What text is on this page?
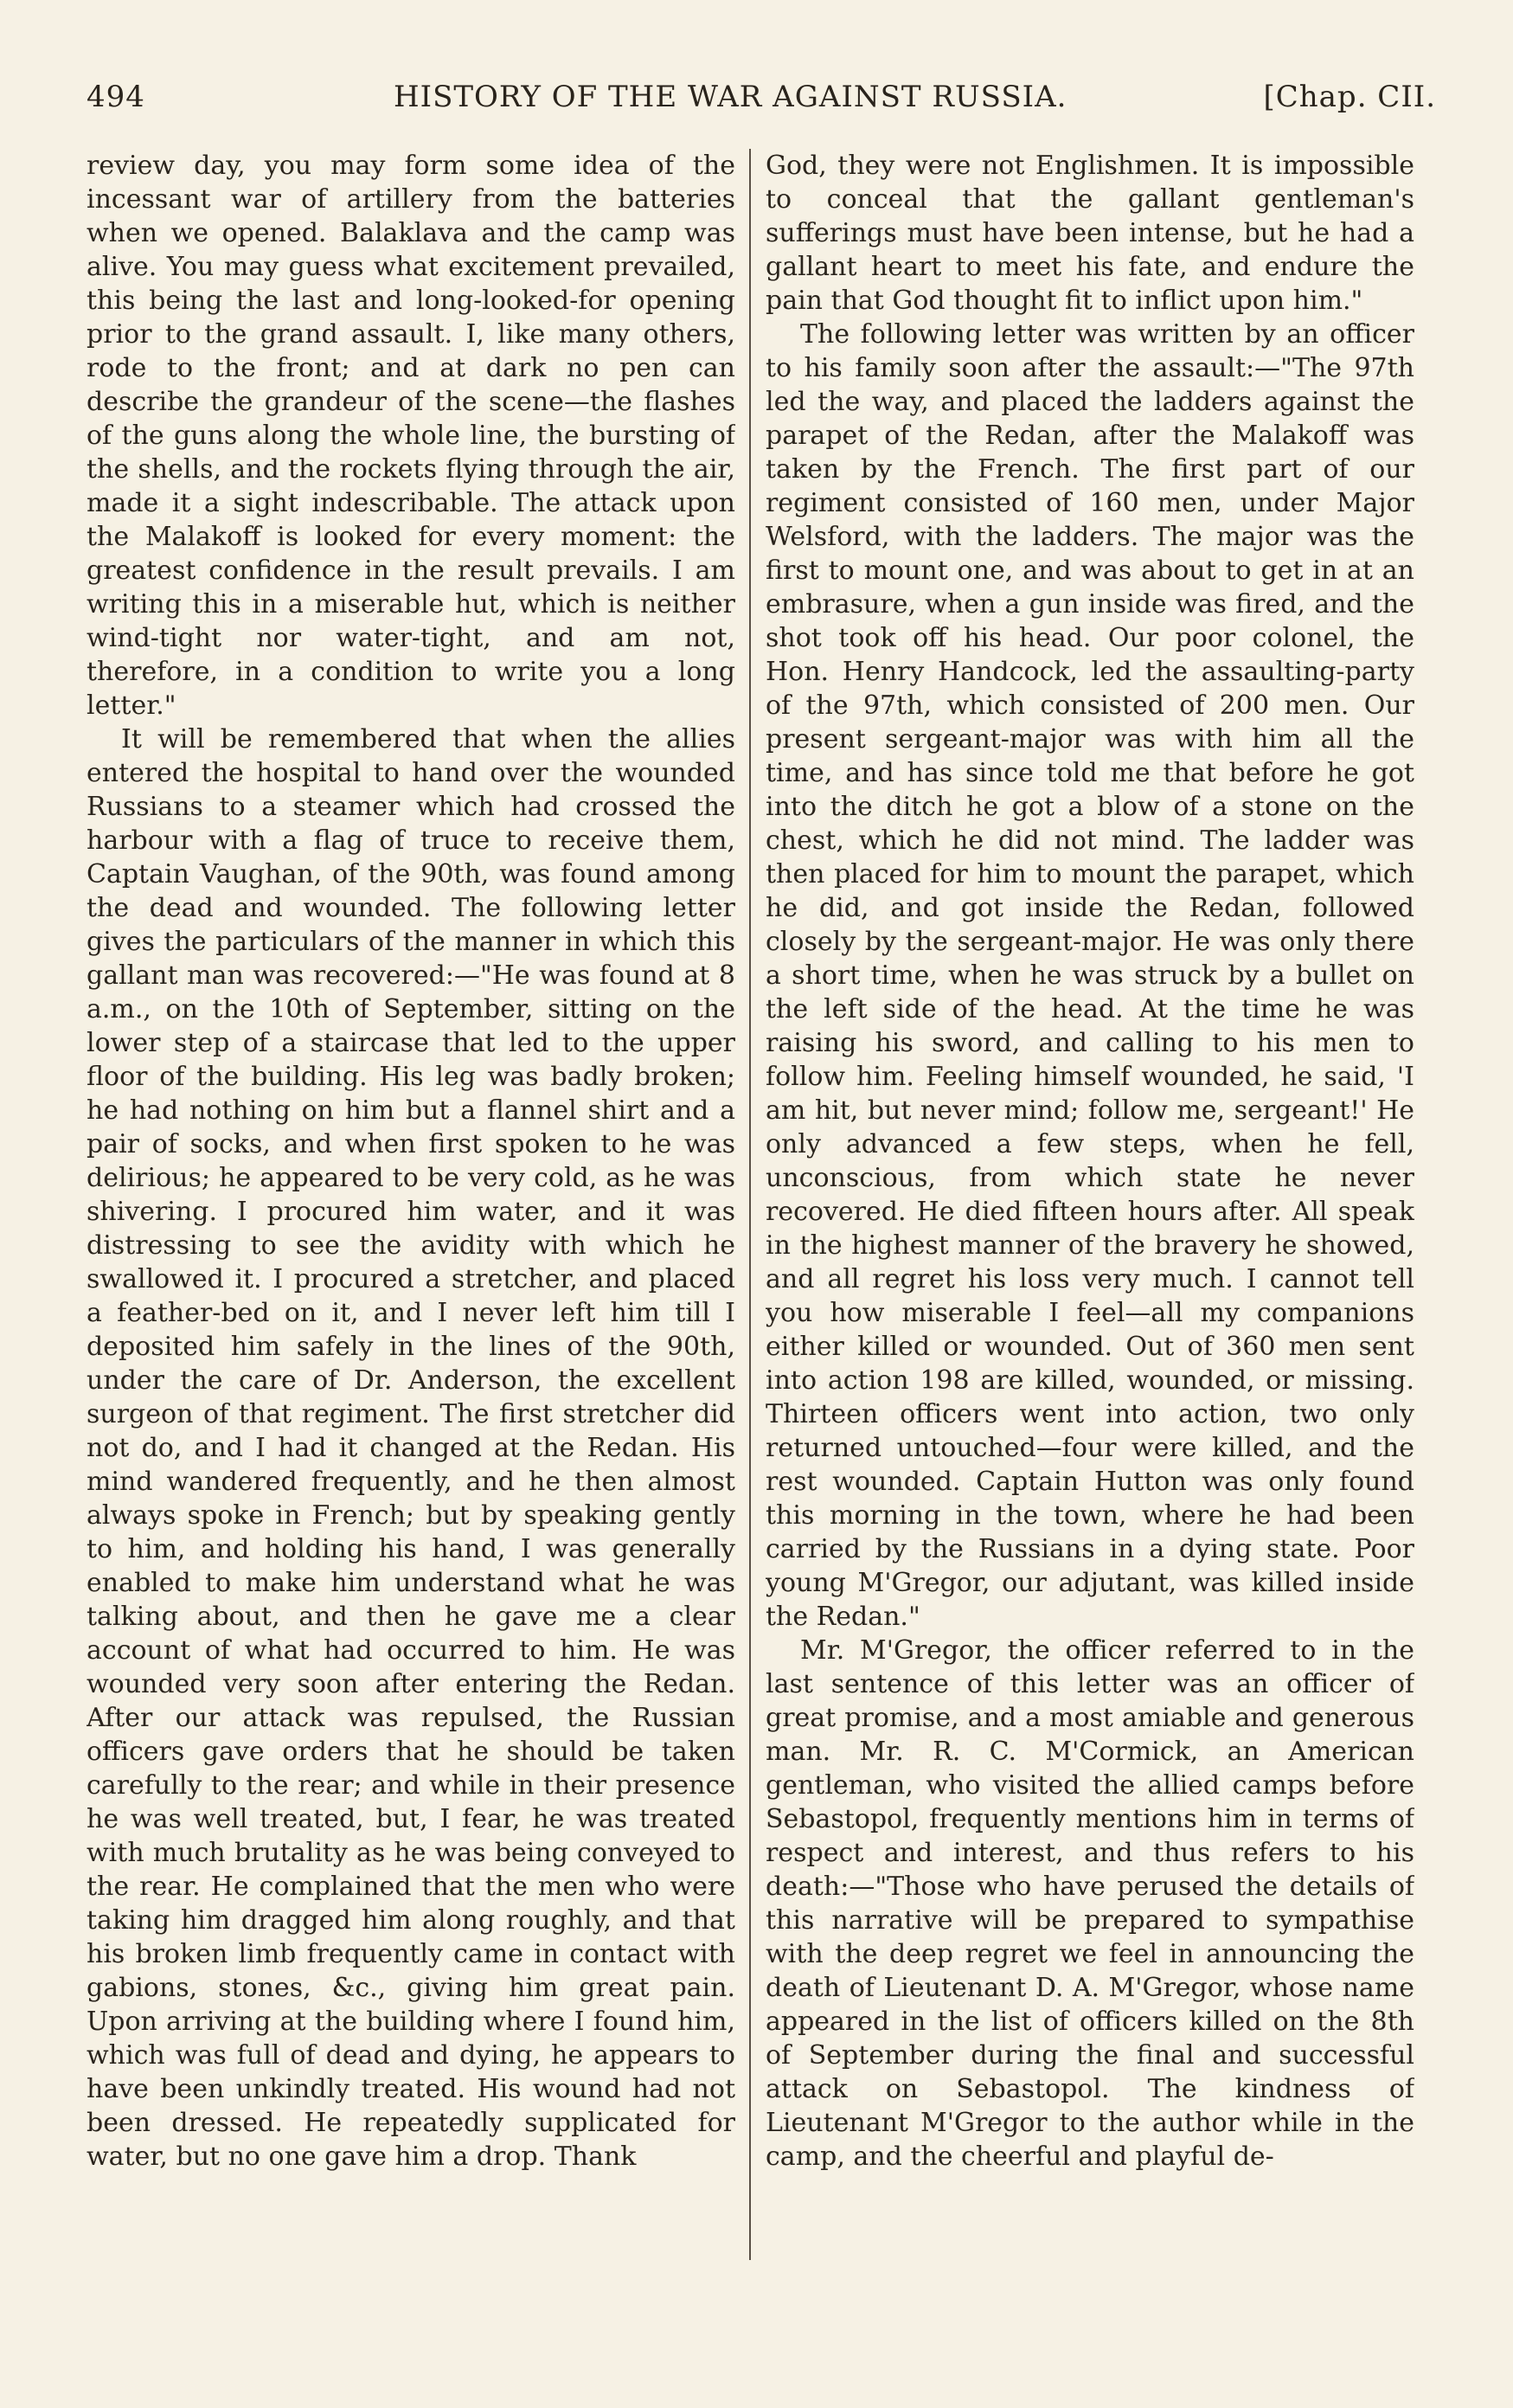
494	HISTORY OF THE WAR AGAINST RUSSIA.	[Chap. CII.

review day, you may form some idea of the incessant war of artillery from the batteries when we opened. Balaklava and the camp was alive. You may guess what excitement prevailed, this being the last and long-looked-for opening prior to the grand assault. I, like many others, rode to the front; and at dark no pen can describe the grandeur of the scene—the flashes of the guns along the whole line, the bursting of the shells, and the rockets flying through the air, made it a sight indescribable. The attack upon the Malakoff is looked for every moment: the greatest confidence in the result prevails. I am writing this in a miserable hut, which is neither wind-tight nor water-tight, and am not, therefore, in a condition to write you a long letter."

It will be remembered that when the allies entered the hospital to hand over the wounded Russians to a steamer which had crossed the harbour with a flag of truce to receive them, Captain Vaughan, of the 90th, was found among the dead and wounded. The following letter gives the particulars of the manner in which this gallant man was recovered:—"He was found at 8 a.m., on the 10th of September, sitting on the lower step of a staircase that led to the upper floor of the building. His leg was badly broken; he had nothing on him but a flannel shirt and a pair of socks, and when first spoken to he was delirious; he appeared to be very cold, as he was shivering. I procured him water, and it was distressing to see the avidity with which he swallowed it. I procured a stretcher, and placed a feather-bed on it, and I never left him till I deposited him safely in the lines of the 90th, under the care of Dr. Anderson, the excellent surgeon of that regiment. The first stretcher did not do, and I had it changed at the Redan. His mind wandered frequently, and he then almost always spoke in French; but by speaking gently to him, and holding his hand, I was generally enabled to make him understand what he was talking about, and then he gave me a clear account of what had occurred to him. He was wounded very soon after entering the Redan. After our attack was repulsed, the Russian officers gave orders that he should be taken carefully to the rear; and while in their presence he was well treated, but, I fear, he was treated with much brutality as he was being conveyed to the rear. He complained that the men who were taking him dragged him along roughly, and that his broken limb frequently came in contact with gabions, stones, &c., giving him great pain. Upon arriving at the building where I found him, which was full of dead and dying, he appears to have been unkindly treated. His wound had not been dressed. He repeatedly supplicated for water, but no one gave him a drop. Thank

God, they were not Englishmen. It is impossible to conceal that the gallant gentleman's sufferings must have been intense, but he had a gallant heart to meet his fate, and endure the pain that God thought fit to inflict upon him."

The following letter was written by an officer to his family soon after the assault:—"The 97th led the way, and placed the ladders against the parapet of the Redan, after the Malakoff was taken by the French. The first part of our regiment consisted of 160 men, under Major Welsford, with the ladders. The major was the first to mount one, and was about to get in at an embrasure, when a gun inside was fired, and the shot took off his head. Our poor colonel, the Hon. Henry Handcock, led the assaulting-party of the 97th, which consisted of 200 men. Our present sergeant-major was with him all the time, and has since told me that before he got into the ditch he got a blow of a stone on the chest, which he did not mind. The ladder was then placed for him to mount the parapet, which he did, and got inside the Redan, followed closely by the sergeant-major. He was only there a short time, when he was struck by a bullet on the left side of the head. At the time he was raising his sword, and calling to his men to follow him. Feeling himself wounded, he said, 'I am hit, but never mind; follow me, sergeant!' He only advanced a few steps, when he fell, unconscious, from which state he never recovered. He died fifteen hours after. All speak in the highest manner of the bravery he showed, and all regret his loss very much. I cannot tell you how miserable I feel—all my companions either killed or wounded. Out of 360 men sent into action 198 are killed, wounded, or missing. Thirteen officers went into action, two only returned untouched—four were killed, and the rest wounded. Captain Hutton was only found this morning in the town, where he had been carried by the Russians in a dying state. Poor young M'Gregor, our adjutant, was killed inside the Redan."

Mr. M'Gregor, the officer referred to in the last sentence of this letter was an officer of great promise, and a most amiable and generous man. Mr. R. C. M'Cormick, an American gentleman, who visited the allied camps before Sebastopol, frequently mentions him in terms of respect and interest, and thus refers to his death:—"Those who have perused the details of this narrative will be prepared to sympathise with the deep regret we feel in announcing the death of Lieutenant D. A. M'Gregor, whose name appeared in the list of officers killed on the 8th of September during the final and successful attack on Sebastopol. The kindness of Lieutenant M'Gregor to the author while in the camp, and the cheerful and playful de-
